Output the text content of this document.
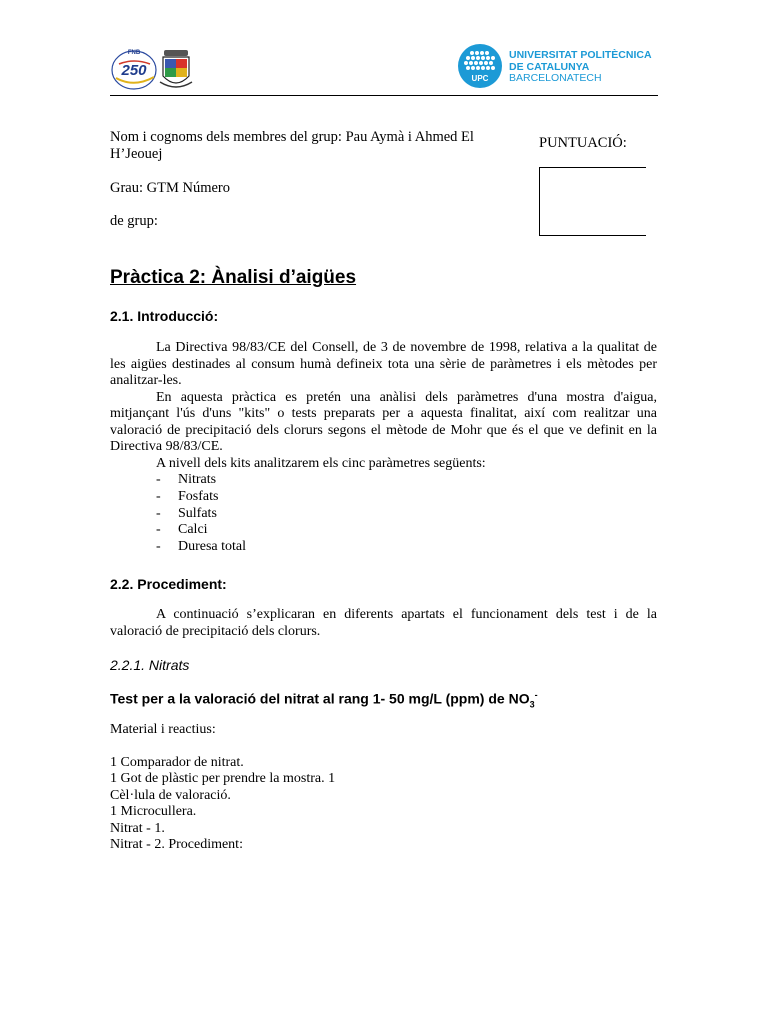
FNB
250	UPC
UNIVERSITAT POLITÈCNICA
DE CATALUNYA
BARCELONATECH
Nom i cognoms dels membres del grup: Pau Aymà i Ahmed El H’Jeouej
Grau: GTM Número
de grup:
PUNTUACIÓ:
Pràctica 2: Ànalisi d’aigües
2.1. Introducció:

La Directiva 98/83/CE del Consell, de 3 de novembre de 1998, relativa a la qualitat de les aigües destinades al consum humà defineix tota una sèrie de paràmetres i els mètodes per analitzar-les.

En aquesta pràctica es pretén una anàlisi dels paràmetres d'una mostra d'aigua, mitjançant l'ús d'uns "kits" o tests preparats per a aquesta finalitat, així com realitzar una valoració de precipitació dels clorurs segons el mètode de Mohr que és el que ve definit en la Directiva 98/83/CE.

A nivell dels kits analitzarem els cinc paràmetres següents:

- Nitrats
- Fosfats
- Sulfats
- Calci
- Duresa total
2.2. Procediment:

A continuació s’explicaran en diferents apartats el funcionament dels test i de la valoració de precipitació dels clorurs.

2.2.1. Nitrats
Test per a la valoració del nitrat al rang 1- 50 mg/L (ppm) de $NO_3^-$
Material i reactius:
1 Comparador de nitrat.
1 Got de plàstic per prendre la mostra. 1
Cèl·lula de valoració.
1 Microcullera.
Nitrat - 1.
Nitrat - 2. Procediment:
